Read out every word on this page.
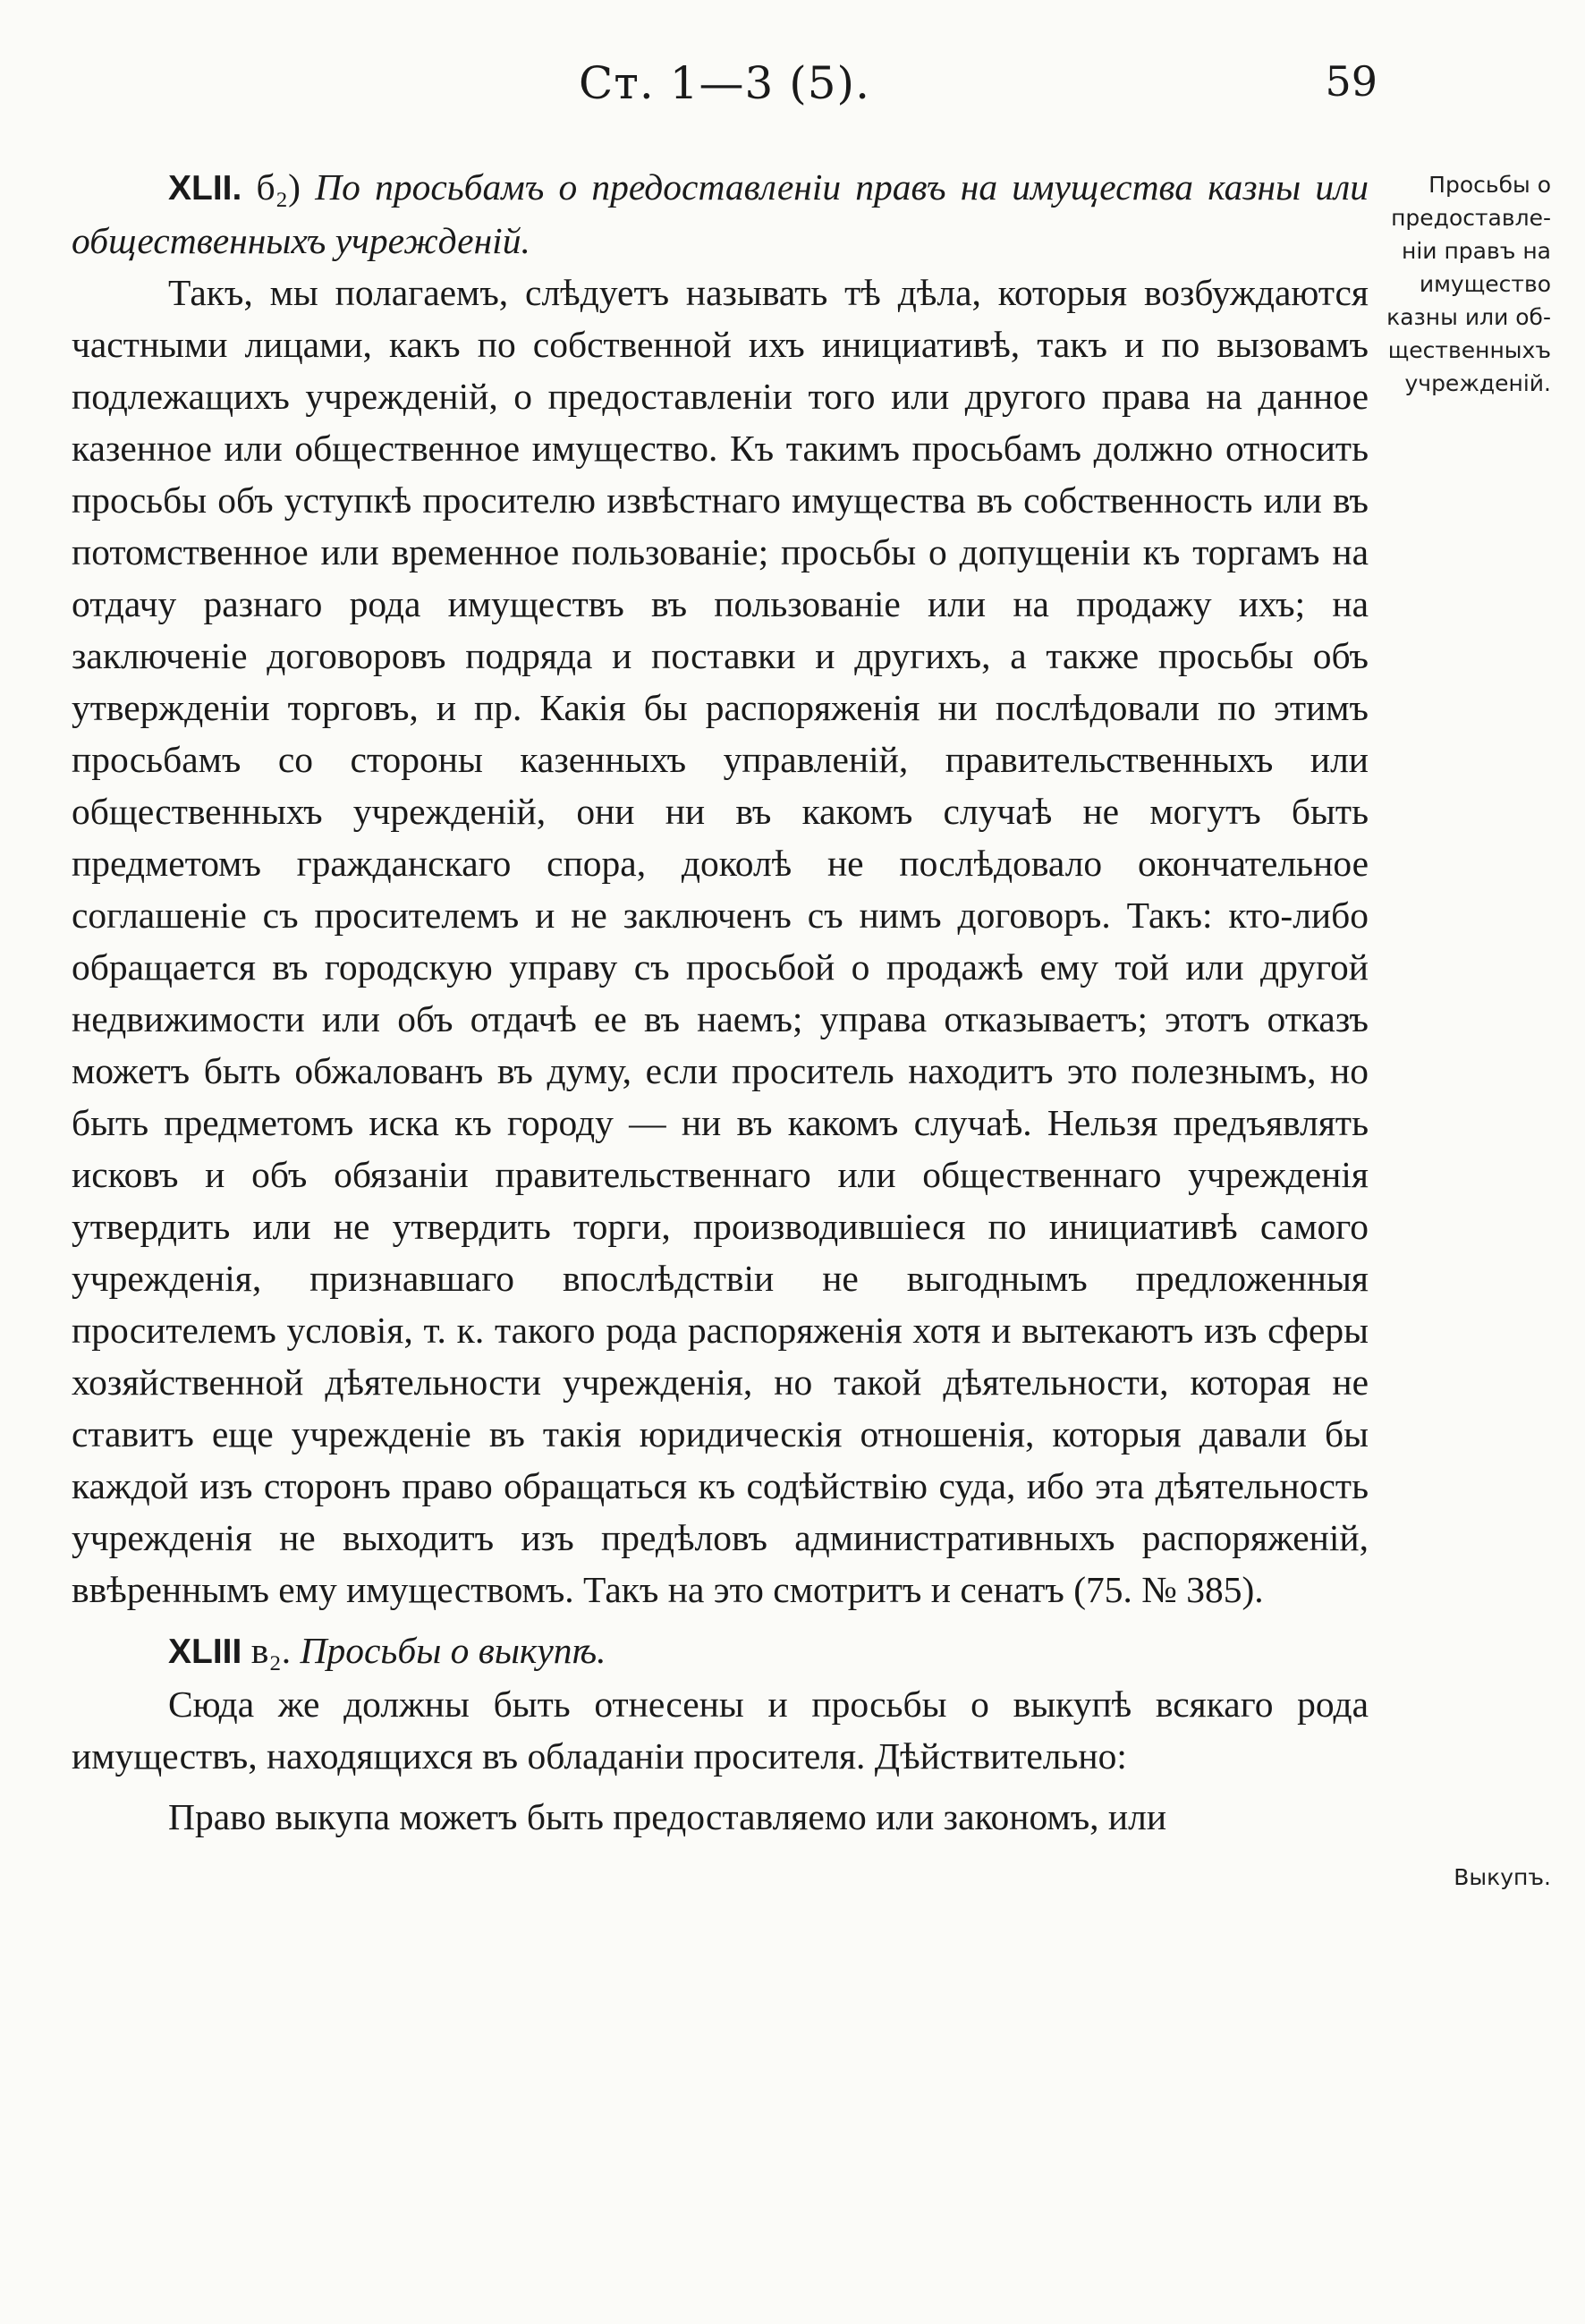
Ст. 1—3 (5).	59

XLII. б₂) По просьбамъ о предоставленіи правъ на имущества казны или общественныхъ учрежденій.

Такъ, мы полагаемъ, слѣдуетъ называть тѣ дѣла, которыя возбуждаются частными лицами, какъ по собственной ихъ инициативѣ, такъ и по вызовамъ подлежащихъ учрежденій, о предоставленіи того или другого права на данное казенное или общественное имущество. Къ такимъ просьбамъ должно относить просьбы объ уступкѣ просителю извѣстнаго имущества въ собственность или въ потомственное или временное пользованіе; просьбы о допущеніи къ торгамъ на отдачу разнаго рода имуществъ въ пользованіе или на продажу ихъ; на заключеніе договоровъ подряда и поставки и другихъ, а также просьбы объ утвержденіи торговъ, и пр. Какія бы распоряженія ни послѣдовали по этимъ просьбамъ со стороны казенныхъ управленій, правительственныхъ или общественныхъ учрежденій, они ни въ какомъ случаѣ не могутъ быть предметомъ гражданскаго спора, доколѣ не послѣдовало окончательное соглашеніе съ просителемъ и не заключенъ съ нимъ договоръ. Такъ: кто-либо обращается въ городскую управу съ просьбой о продажѣ ему той или другой недвижимости или объ отдачѣ ее въ наемъ; управа отказываетъ; этотъ отказъ можетъ быть обжалованъ въ думу, если проситель находитъ это полезнымъ, но быть предметомъ иска къ городу — ни въ какомъ случаѣ. Нельзя предъявлять исковъ и объ обязаніи правительственнаго или общественнаго учрежденія утвердить или не утвердить торги, производившіеся по инициативѣ самого учрежденія, признавшаго впослѣдствіи не выгоднымъ предложенныя просителемъ условія, т. к. такого рода распоряженія хотя и вытекаютъ изъ сферы хозяйственной дѣятельности учрежденія, но такой дѣятельности, которая не ставитъ еще учрежденіе въ такія юридическія отношенія, которыя давали бы каждой изъ сторонъ право обращаться къ содѣйствію суда, ибо эта дѣятельность учрежденія не выходитъ изъ предѣловъ административныхъ распоряженій, ввѣреннымъ ему имуществомъ. Такъ на это смотритъ и сенатъ (75. № 385).

XLIII в₂. Просьбы о выкупѣ.

Сюда же должны быть отнесены и просьбы о выкупѣ всякаго рода имуществъ, находящихся въ обладаніи просителя. Дѣйствительно:

Право выкупа можетъ быть предоставляемо или закономъ, или

Просьбы о
предоставле-
ніи правъ на
имущество
казны или об-
щественныхъ
учрежденій.
Выкупъ.
